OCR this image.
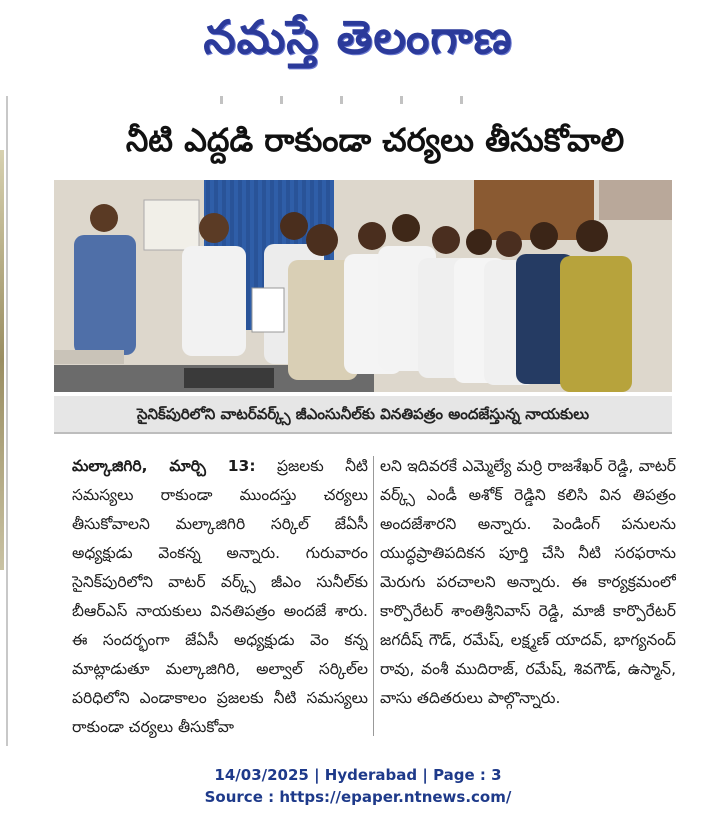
నమస్తే తెలంగాణ
నీటి ఎద్దడి రాకుండా చర్యలు తీసుకోవాలి

సైనిక్‌పురిలోని వాటర్‌వర్క్స్ జీఎంసునీల్‌కు వినతిపత్రం అందజేస్తున్న నాయకులు

మల్కాజిగిరి, మార్చి 13: ప్రజలకు నీటి సమస్యలు రాకుండా ముందస్తు చర్యలు తీసుకోవాలని మల్కాజిగిరి సర్కిల్ జేఏసీ అధ్యక్షుడు వెంకన్న అన్నారు. గురువారం సైనిక్‌పురిలోని వాటర్ వర్క్స్ జీఎం సునీల్‌కు బీఆర్‌ఎస్ నాయకులు వినతిపత్రం అందజే శారు. ఈ సందర్భంగా జేఏసీ అధ్యక్షుడు వెం కన్న మాట్లాడుతూ మల్కాజిగిరి, అల్వాల్ సర్కిల్‌ల పరిధిలోని ఎండాకాలం ప్రజలకు నీటి సమస్యలు రాకుండా చర్యలు తీసుకోవా
లని ఇదివరకే ఎమ్మెల్యే మర్రి రాజశేఖర్ రెడ్డి, వాటర్ వర్క్స్ ఎండీ అశోక్ రెడ్డిని కలిసి విన తిపత్రం అందజేశారని అన్నారు. పెండింగ్ పనులను యుద్ధప్రాతిపదికన పూర్తి చేసి నీటి సరఫరాను మెరుగు పరచాలని అన్నారు. ఈ కార్యక్రమంలో కార్పొరేటర్ శాంతిశ్రీనివాస్ రెడ్డి, మాజీ కార్పొరేటర్ జగదీష్ గౌడ్, రమేష్, లక్ష్మణ్ యాదవ్, భాగ్యనంద్ రావు, వంశీ ముదిరాజ్, రమేష్, శివగౌడ్, ఉస్మాన్, వాసు తదితరులు పాల్గొన్నారు.
14/03/2025 | Hyderabad | Page : 3
Source : https://epaper.ntnews.com/
